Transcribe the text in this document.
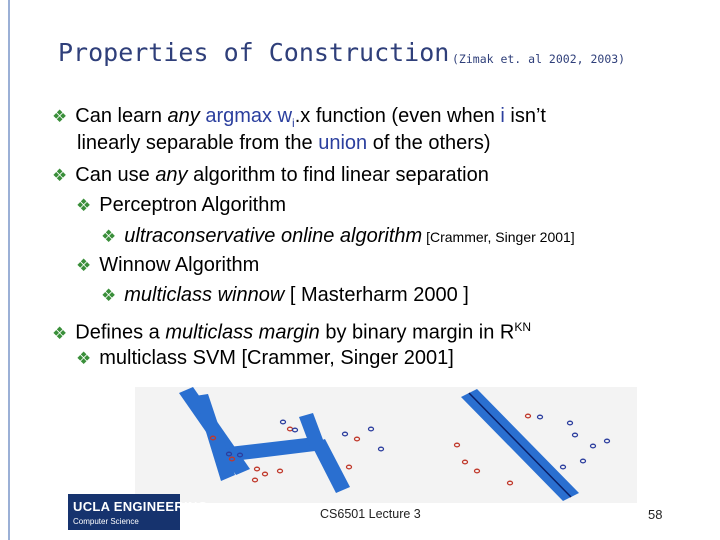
Properties of Construction (Zimak et. al 2002, 2003)
❖ Can learn any argmax $w_i.x$ function (even when i isn’t
linearly separable from the union of the others)
❖ Can use any algorithm to find linear separation
❖ Perceptron Algorithm
❖ ultraconservative online algorithm [Crammer, Singer 2001]
❖ Winnow Algorithm
❖ multiclass winnow [ Masterharm 2000 ]
❖ Defines a multiclass margin by binary margin in $R^{KN}$
❖ multiclass SVM [Crammer, Singer 2001]
UCLA ENGINEERING
Computer Science
CS6501 Lecture 3	58
